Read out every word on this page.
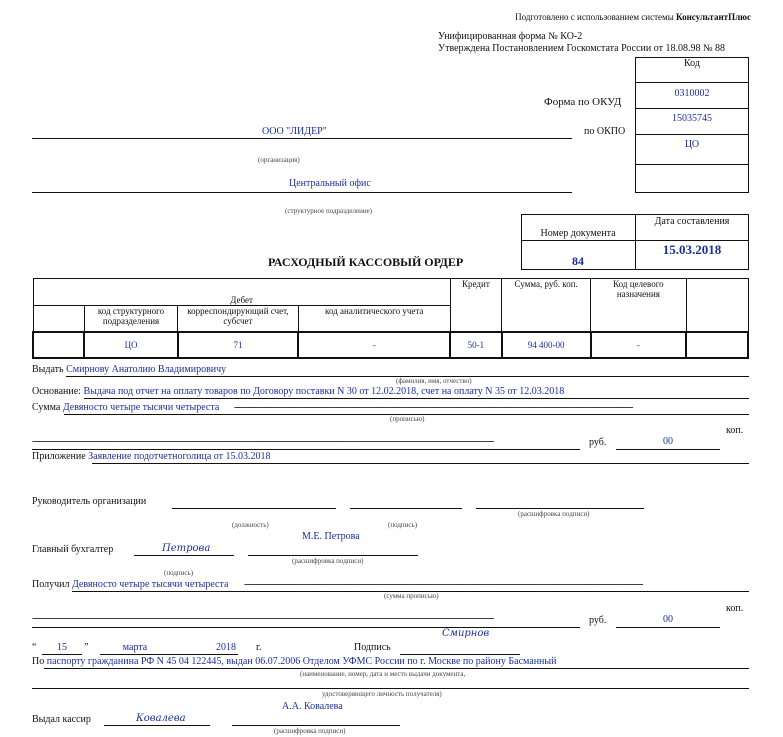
Подготовлено с использованием системы КонсультантПлюс
Унифицированная форма № КО-2
Утверждена Постановлением Госкомстата России от 18.08.98 № 88
Код
Форма по ОКУД
0310002
15035745
ЦО
по ОКПО
ООО "ЛИДЕР"
(организация)
Центральный офис
(структурное подразделение)
Номер документа
Дата составления
84
15.03.2018
РАСХОДНЫЙ КАССОВЫЙ ОРДЕР
Дебет				Кредит	Сумма, руб. коп.	Код целевого назначения	
	код структурного подразделения	корреспондирующий счет, субсчет	код аналитического учета				
	ЦО	71	-	50-1	94 400-00	-	
Выдать Смирнову Анатолию Владимировичу
(фамилия, имя, отчество)
Основание: Выдача под отчет на оплату товаров по Договору поставки N 30 от 12.02.2018, счет на оплату N 35 от 12.03.2018
Сумма Девяносто четыре тысячи четыреста ---------------------------------------------------------------------------------------------------------------------------------------------------------------------------
(прописью)
коп.
------------------------------------------------------------------------------------------------------------------------------------------------------------------------------------------------------	руб.	00
Приложение Заявление подотчетноголица от 15.03.2018
Руководитель организации
(расшифровка подписи)
(должность)	(подпись)
М.Е. Петрова
Главный бухгалтер	Петрова
(расшифровка подписи)
(подпись)
Получил Девяносто четыре тысячи четыреста ---------------------------------------------------------------------------------------------------------------------------------------------------------------------------
(сумма прописью)
коп.
------------------------------------------------------------------------------------------------------------------------------------------------------------------------------------------------------	руб.	00
“	15	”	марта	2018 г.	Подпись
Смирнов
По паспорту гражданина РФ N 45 04 122445, выдан 06.07.2006 Отделом УФМС России по г. Москве по району Басманный
(наименование, номер, дата и место выдачи документа,
удостоверяющего личность получателя)
А.А. Ковалева
Выдал кассир	Ковалева
(расшифровка подписи)
